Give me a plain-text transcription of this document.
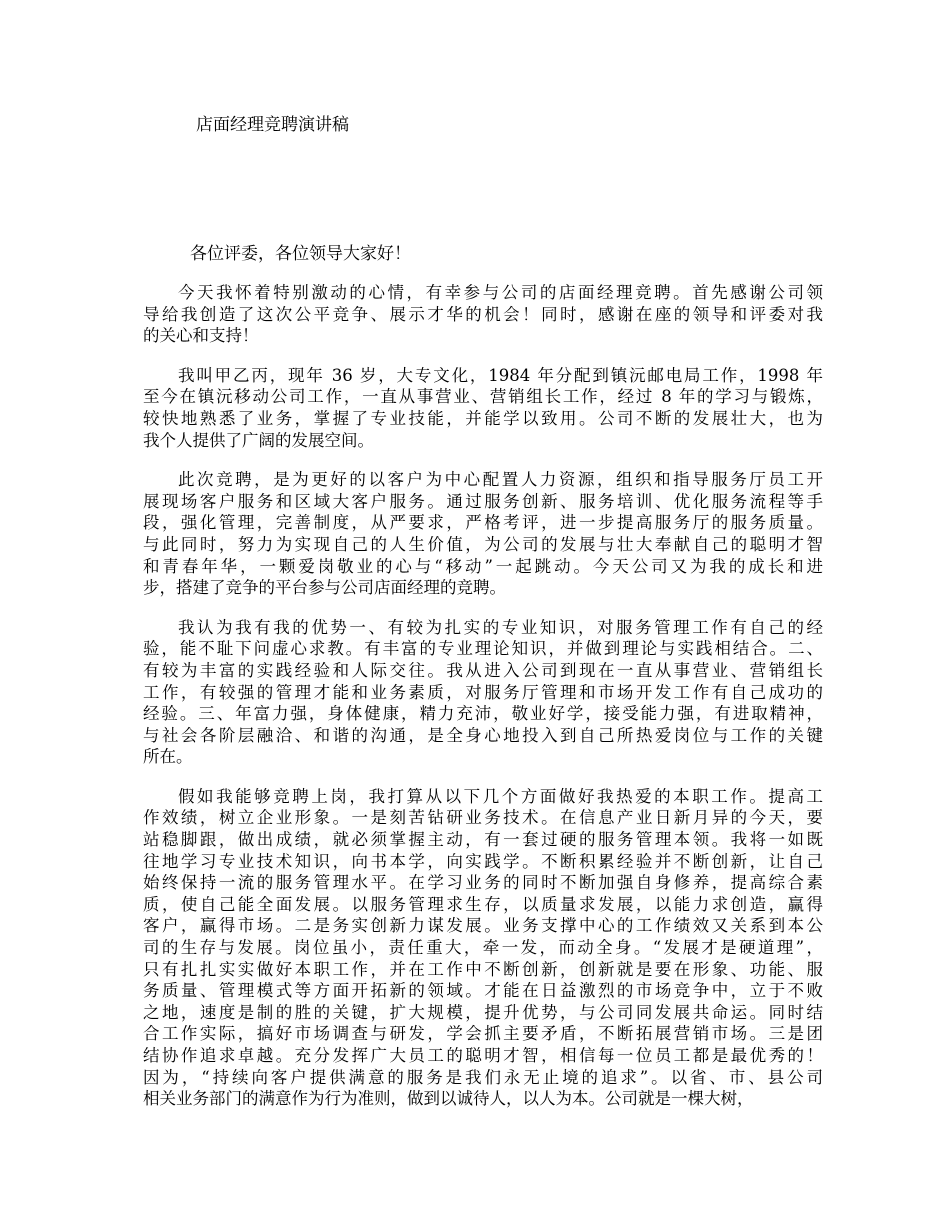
店面经理竞聘演讲稿
各位评委，各位领导大家好！
今天我怀着特别激动的心情，有幸参与公司的店面经理竞聘。首先感谢公司领
导给我创造了这次公平竞争、展示才华的机会！同时，感谢在座的领导和评委对我
的关心和支持！
我叫甲乙丙，现年 36 岁，大专文化，1984 年分配到镇沅邮电局工作，1998 年
至今在镇沅移动公司工作，一直从事营业、营销组长工作，经过 8 年的学习与锻炼，
较快地熟悉了业务，掌握了专业技能，并能学以致用。公司不断的发展壮大，也为
我个人提供了广阔的发展空间。
此次竞聘，是为更好的以客户为中心配置人力资源，组织和指导服务厅员工开
展现场客户服务和区域大客户服务。通过服务创新、服务培训、优化服务流程等手
段，强化管理，完善制度，从严要求，严格考评，进一步提高服务厅的服务质量。
与此同时，努力为实现自己的人生价值，为公司的发展与壮大奉献自己的聪明才智
和青春年华，一颗爱岗敬业的心与“移动”一起跳动。今天公司又为我的成长和进
步，搭建了竞争的平台参与公司店面经理的竞聘。
我认为我有我的优势一、有较为扎实的专业知识，对服务管理工作有自己的经
验，能不耻下问虚心求教。有丰富的专业理论知识，并做到理论与实践相结合。二、
有较为丰富的实践经验和人际交往。我从进入公司到现在一直从事营业、营销组长
工作，有较强的管理才能和业务素质，对服务厅管理和市场开发工作有自己成功的
经验。三、年富力强，身体健康，精力充沛，敬业好学，接受能力强，有进取精神，
与社会各阶层融洽、和谐的沟通，是全身心地投入到自己所热爱岗位与工作的关键
所在。
假如我能够竞聘上岗，我打算从以下几个方面做好我热爱的本职工作。提高工
作效绩，树立企业形象。一是刻苦钻研业务技术。在信息产业日新月异的今天，要
站稳脚跟，做出成绩，就必须掌握主动，有一套过硬的服务管理本领。我将一如既
往地学习专业技术知识，向书本学，向实践学。不断积累经验并不断创新，让自己
始终保持一流的服务管理水平。在学习业务的同时不断加强自身修养，提高综合素
质，使自己能全面发展。以服务管理求生存，以质量求发展，以能力求创造，赢得
客户，赢得市场。二是务实创新力谋发展。业务支撑中心的工作绩效又关系到本公
司的生存与发展。岗位虽小，责任重大，牵一发，而动全身。“发展才是硬道理”，
只有扎扎实实做好本职工作，并在工作中不断创新，创新就是要在形象、功能、服
务质量、管理模式等方面开拓新的领域。才能在日益激烈的市场竞争中，立于不败
之地，速度是制的胜的关键，扩大规模，提升优势，与公司同发展共命运。同时结
合工作实际，搞好市场调查与研发，学会抓主要矛盾，不断拓展营销市场。三是团
结协作追求卓越。充分发挥广大员工的聪明才智，相信每一位员工都是最优秀的！
因为，“持续向客户提供满意的服务是我们永无止境的追求”。以省、市、县公司
相关业务部门的满意作为行为准则，做到以诚待人，以人为本。公司就是一棵大树，
